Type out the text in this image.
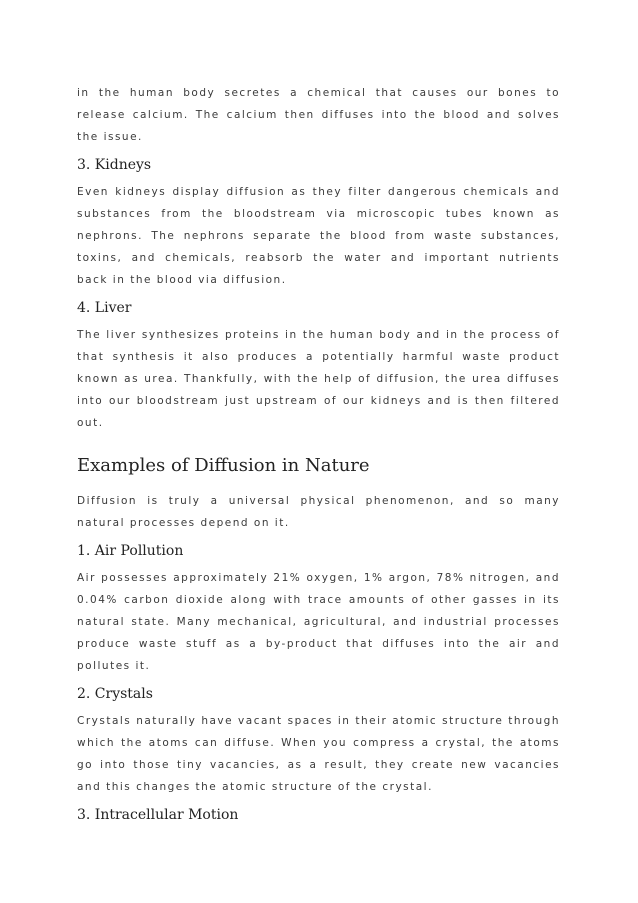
in the human body secretes a chemical that causes our bones to release calcium. The calcium then diffuses into the blood and solves the issue.

3. Kidneys

Even kidneys display diffusion as they filter dangerous chemicals and substances from the bloodstream via microscopic tubes known as nephrons. The nephrons separate the blood from waste substances, toxins, and chemicals, reabsorb the water and important nutrients back in the blood via diffusion.

4. Liver

The liver synthesizes proteins in the human body and in the process of that synthesis it also produces a potentially harmful waste product known as urea. Thankfully, with the help of diffusion, the urea diffuses into our bloodstream just upstream of our kidneys and is then filtered out.

Examples of Diffusion in Nature

Diffusion is truly a universal physical phenomenon, and so many natural processes depend on it.

1. Air Pollution

Air possesses approximately 21% oxygen, 1% argon, 78% nitrogen, and 0.04% carbon dioxide along with trace amounts of other gasses in its natural state. Many mechanical, agricultural, and industrial processes produce waste stuff as a by-product that diffuses into the air and pollutes it.

2. Crystals

Crystals naturally have vacant spaces in their atomic structure through which the atoms can diffuse. When you compress a crystal, the atoms go into those tiny vacancies, as a result, they create new vacancies and this changes the atomic structure of the crystal.

3. Intracellular Motion
